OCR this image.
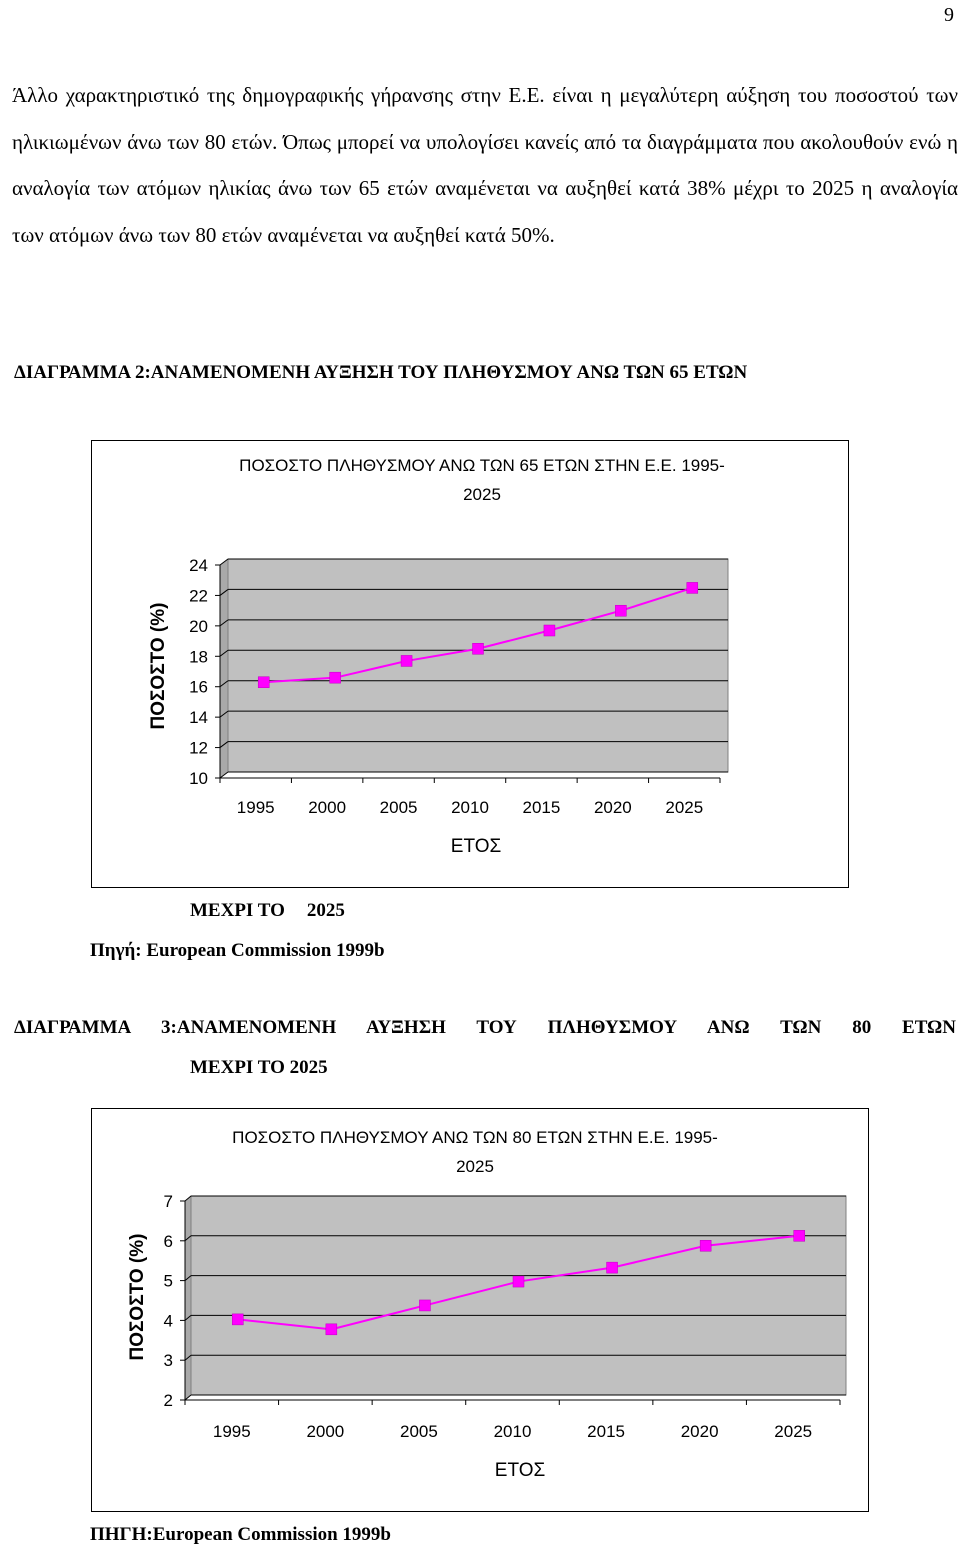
9
Άλλο χαρακτηριστικό της δημογραφικής γήρανσης στην Ε.Ε. είναι η μεγαλύτερη αύξηση του ποσοστού των ηλικιωμένων άνω των 80 ετών. Όπως μπορεί να υπολογίσει κανείς από τα διαγράμματα που ακολουθούν ενώ η αναλογία των ατόμων ηλικίας άνω των 65 ετών αναμένεται να αυξηθεί κατά 38% μέχρι το 2025 η αναλογία των ατόμων άνω των 80 ετών αναμένεται να αυξηθεί κατά 50%.
ΔΙΑΓΡΑΜΜΑ 2:ΑΝΑΜΕΝΟΜΕΝΗ ΑΥΞΗΣΗ ΤΟΥ ΠΛΗΘΥΣΜΟΥ ΑΝΩ ΤΩΝ 65 ΕΤΩΝ
ΠΟΣΟΣΤΟ ΠΛΗΘΥΣΜΟΥ ΑΝΩ ΤΩΝ 65 ΕΤΩΝ ΣΤΗΝ Ε.Ε. 1995-
2025
10
12
14
16
18
20
22
24
1995 2000 2005 2010 2015 2020 2025
ΕΤΟΣ
ΠΟΣΟΣΤΟ (%)
ΜΕΧΡΙ ΤΟ 2025
Πηγή: European Commission 1999b
ΔΙΑΓΡΑΜΜΑ 3:ΑΝΑΜΕΝΟΜΕΝΗ ΑΥΞΗΣΗ ΤΟΥ ΠΛΗΘΥΣΜΟΥ ΑΝΩ ΤΩΝ 80 ΕΤΩΝ
ΜΕΧΡΙ ΤΟ 2025
ΠΟΣΟΣΤΟ ΠΛΗΘΥΣΜΟΥ ΑΝΩ ΤΩΝ 80 ΕΤΩΝ ΣΤΗΝ Ε.Ε. 1995-
2025
2
3
4
5
6
7
1995	2000	2005	2010	2015	2020	2025
ΕΤΟΣ
ΠΟΣΟΣΤΟ (%)
ΠΗΓΗ:European Commission 1999b
